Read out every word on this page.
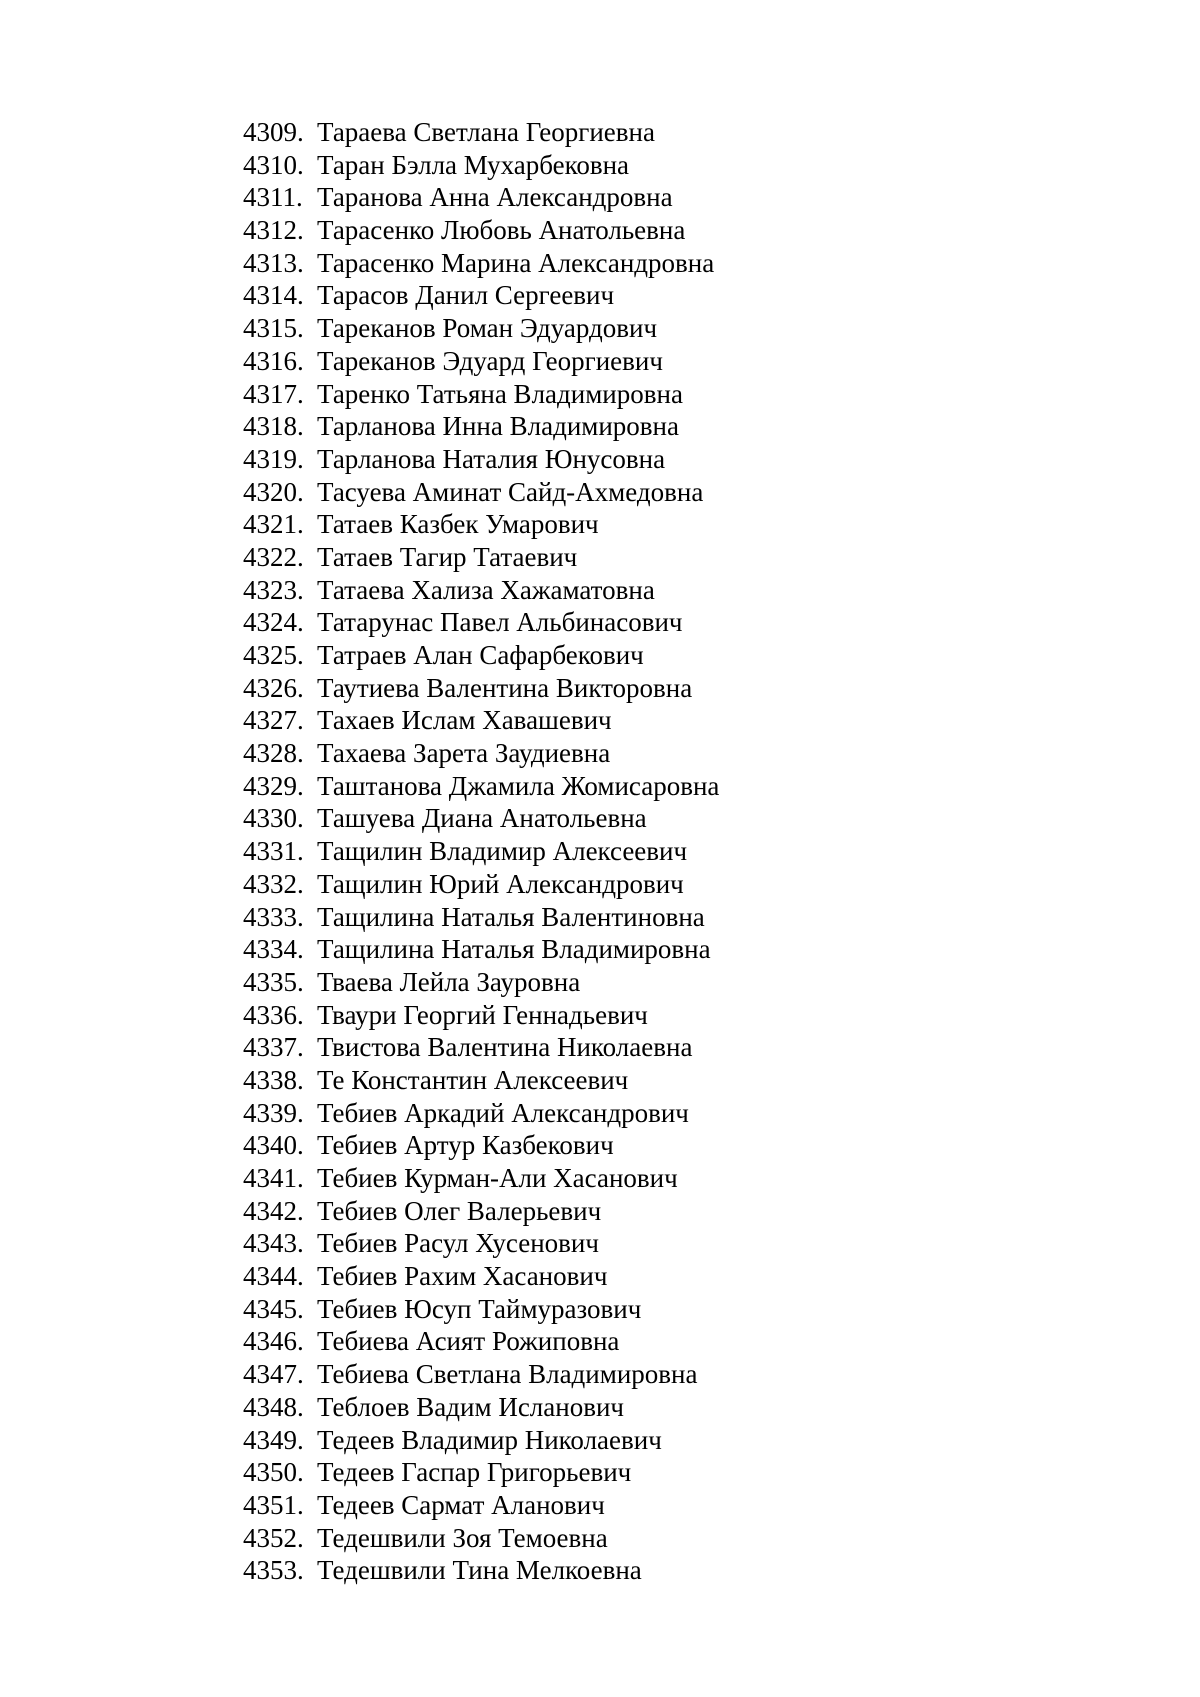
4309. Тараева Светлана Георгиевна
4310. Таран Бэлла Мухарбековна
4311. Таранова Анна Александровна
4312. Тарасенко Любовь Анатольевна
4313. Тарасенко Марина Александровна
4314. Тарасов Данил Сергеевич
4315. Тареканов Роман Эдуардович
4316. Тареканов Эдуард Георгиевич
4317. Таренко Татьяна Владимировна
4318. Тарланова Инна Владимировна
4319. Тарланова Наталия Юнусовна
4320. Тасуева Аминат Сайд-Ахмедовна
4321. Татаев Казбек Умарович
4322. Татаев Тагир Татаевич
4323. Татаева Хализа Хажаматовна
4324. Татарунас Павел Альбинасович
4325. Татраев Алан Сафарбекович
4326. Таутиева Валентина Викторовна
4327. Тахаев Ислам Хавашевич
4328. Тахаева Зарета Заудиевна
4329. Таштанова Джамила Жомисаровна
4330. Ташуева Диана Анатольевна
4331. Тащилин Владимир Алексеевич
4332. Тащилин Юрий Александрович
4333. Тащилина Наталья Валентиновна
4334. Тащилина Наталья Владимировна
4335. Тваева Лейла Зауровна
4336. Тваури Георгий Геннадьевич
4337. Твистова Валентина Николаевна
4338. Те Константин Алексеевич
4339. Тебиев Аркадий Александрович
4340. Тебиев Артур Казбекович
4341. Тебиев Курман-Али Хасанович
4342. Тебиев Олег Валерьевич
4343. Тебиев Расул Хусенович
4344. Тебиев Рахим Хасанович
4345. Тебиев Юсуп Таймуразович
4346. Тебиева Асият Рожиповна
4347. Тебиева Светлана Владимировна
4348. Теблоев Вадим Исланович
4349. Тедеев Владимир Николаевич
4350. Тедеев Гаспар Григорьевич
4351. Тедеев Сармат Аланович
4352. Тедешвили Зоя Темоевна
4353. Тедешвили Тина Мелкоевна
